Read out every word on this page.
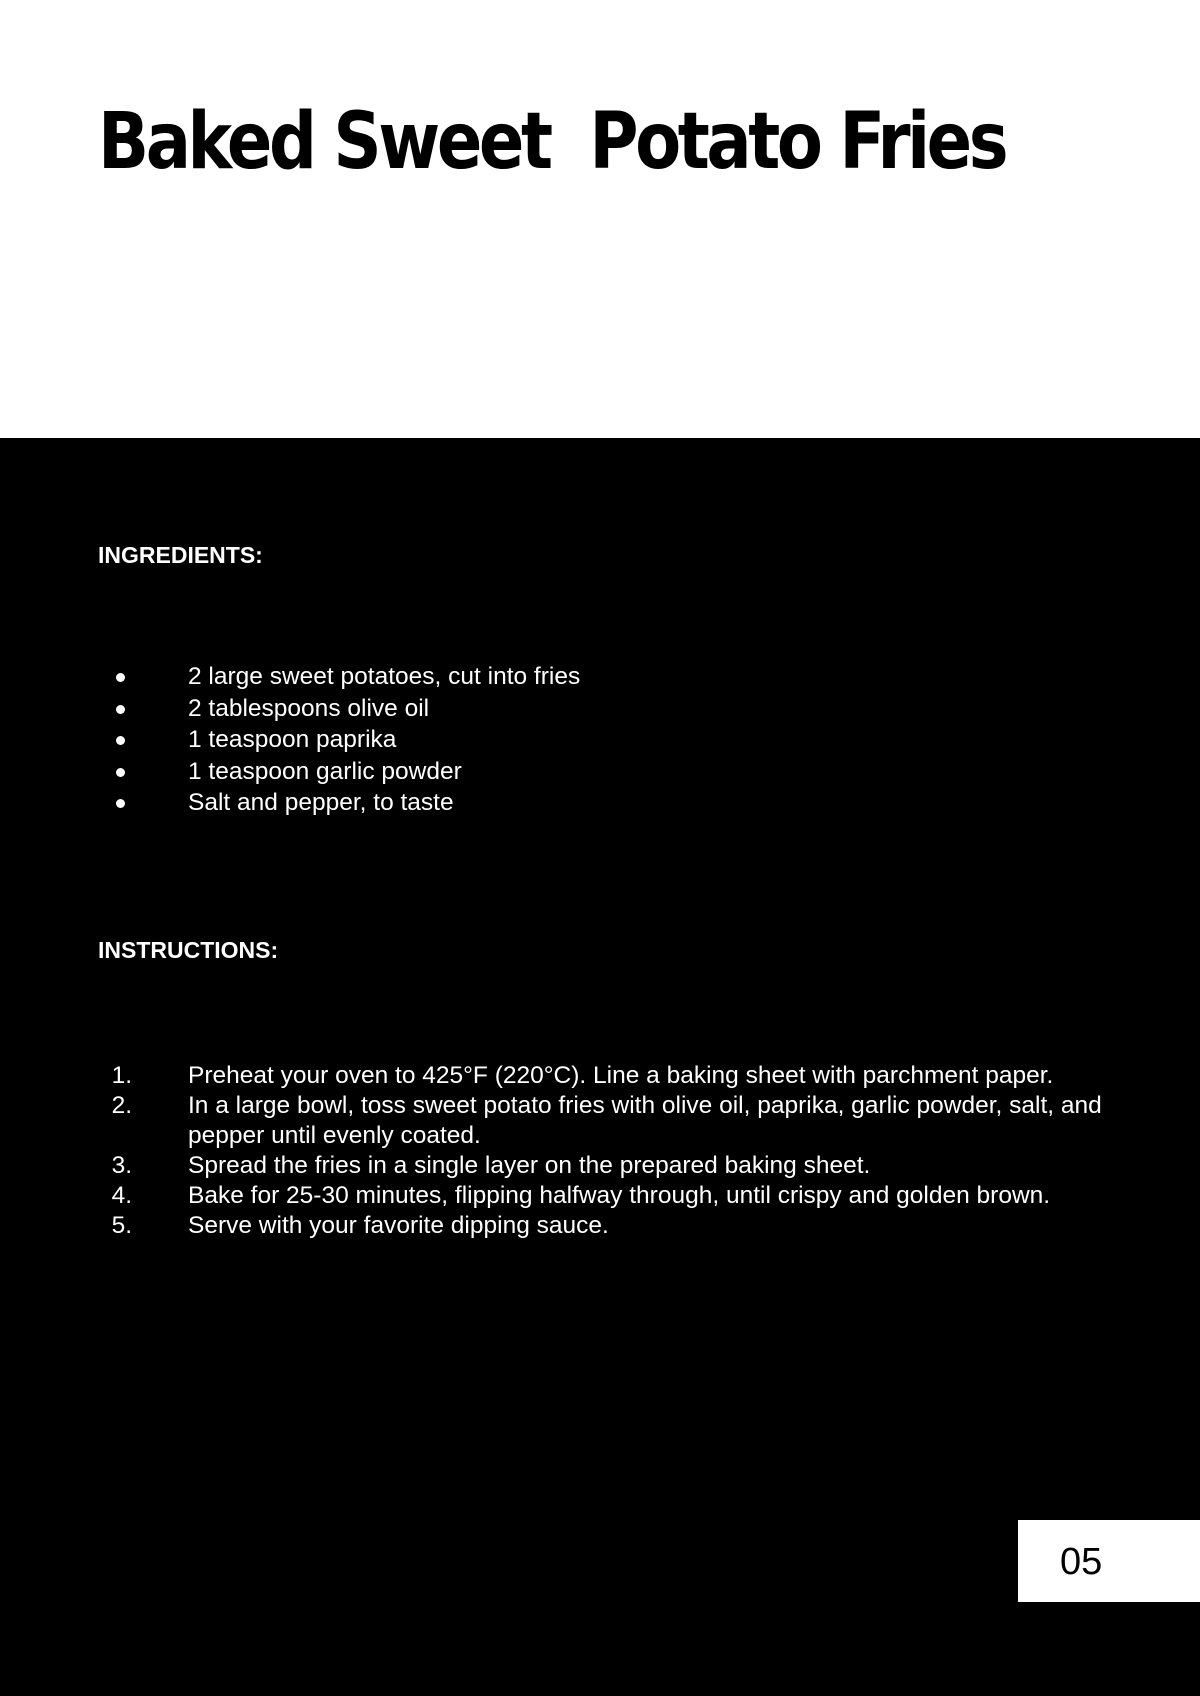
Baked Sweet  Potato Fries
INGREDIENTS:
2 large sweet potatoes, cut into fries
2 tablespoons olive oil
1 teaspoon paprika
1 teaspoon garlic powder
Salt and pepper, to taste
INSTRUCTIONS:
1. Preheat your oven to 425°F (220°C). Line a baking sheet with parchment paper.
2. In a large bowl, toss sweet potato fries with olive oil, paprika, garlic powder, salt, and pepper until evenly coated.
3. Spread the fries in a single layer on the prepared baking sheet.
4. Bake for 25-30 minutes, flipping halfway through, until crispy and golden brown.
5. Serve with your favorite dipping sauce.
05
